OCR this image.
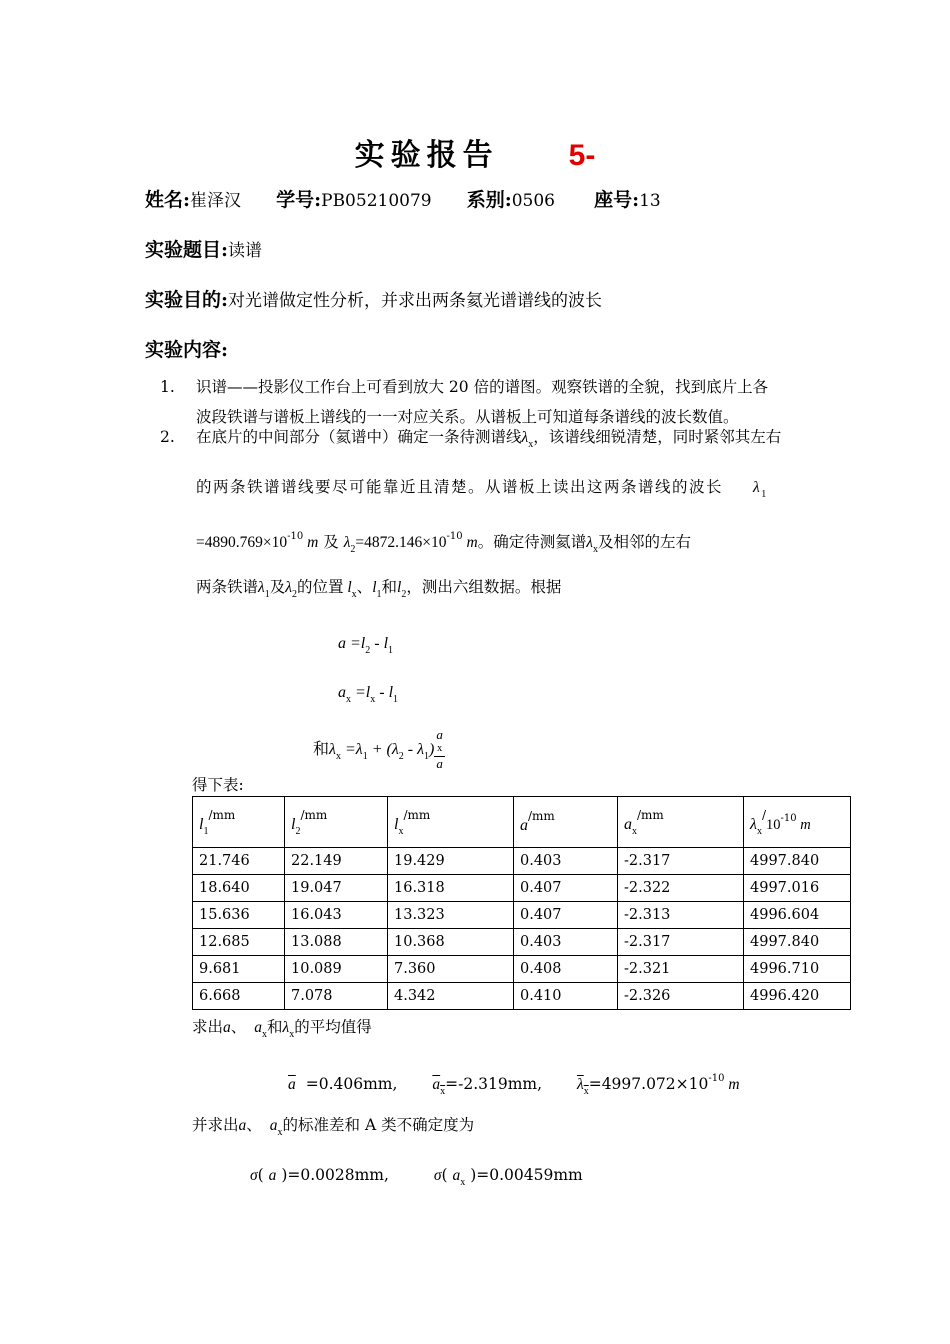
实验报告 5-
姓名:崔泽汉 学号:PB05210079 系别:0506 座号:13
实验题目:读谱
实验目的:对光谱做定性分析，并求出两条氦光谱谱线的波长
实验内容:
1. 识谱——投影仪工作台上可看到放大 20 倍的谱图。观察铁谱的全貌，找到底片上各
波段铁谱与谱板上谱线的一一对应关系。从谱板上可知道每条谱线的波长数值。
2. 在底片的中间部分（氦谱中）确定一条待测谱线$\lambda_x$，该谱线细锐清楚，同时紧邻其左右
的两条铁谱谱线要尽可能靠近且清楚。从谱板上读出这两条谱线的波长 $\lambda_1$
$=4890.769\times 10^{-10}$ m 及 $\lambda_2=4872.146\times 10^{-10}$ m。确定待测氦谱$\lambda_x$及相邻的左右
两条铁谱$\lambda_1$及$\lambda_2$的位置 $l_x$、$l_1$和$l_2$，测出六组数据。根据
$a =l_2 - l_1$
$a_x =l_x - l_1$
和$\lambda_x =\lambda_1 + (\lambda_2 - \lambda_1)$ a
x
a
得下表:
$l_1^{/mm}$	$l_2^{/mm}$	$l_x^{/mm}$	$a^{/mm}$	$a_x^{/mm}$	$\lambda_x^/10^{-10}$ m
21.746	22.149	19.429	0.403	-2.317	4997.840
18.640	19.047	16.318	0.407	-2.322	4997.016
15.636	16.043	13.323	0.407	-2.313	4996.604
12.685	13.088	10.368	0.403	-2.317	4997.840
9.681	10.089	7.360	0.408	-2.321	4996.710
6.668	7.078	4.342	0.410	-2.326	4996.420
求出a、 $a_x$和$\lambda_x$的平均值得
$\overline{a} =0.406mm$, $a_x=-2.319mm$, $\lambda_x=4997.072\times 10^{-10}$ m
并求出a、 $a_x$的标准差和 A 类不确定度为
σ( a )=0.0028mm,	σ( $a_x$ )=0.00459mm
